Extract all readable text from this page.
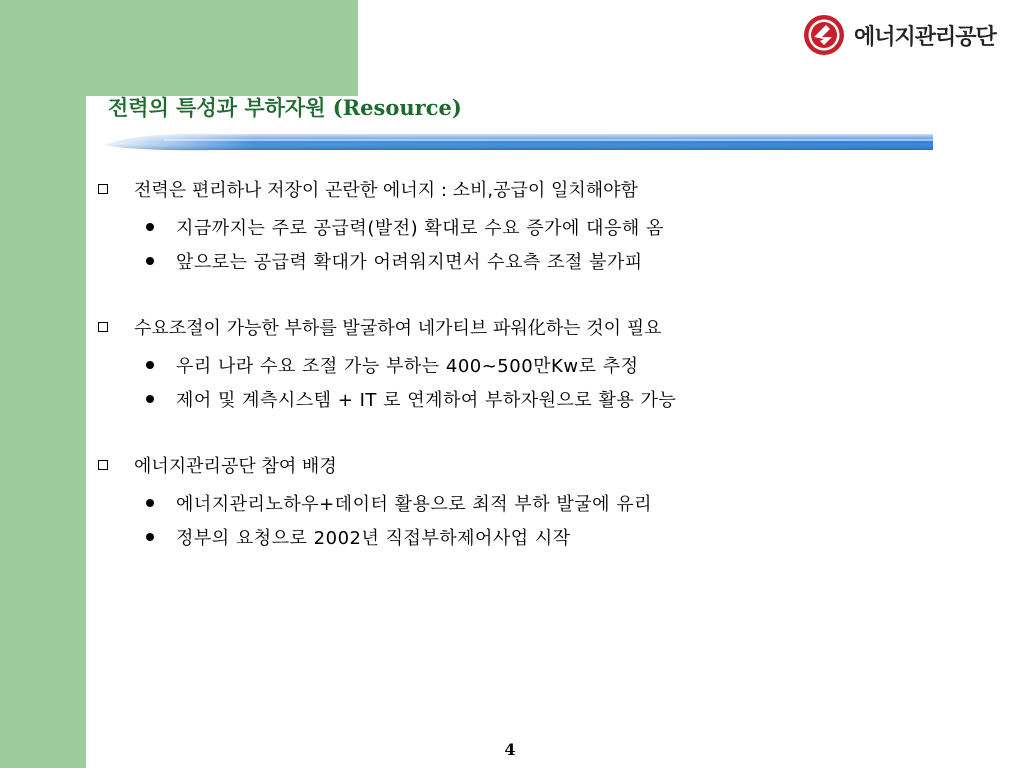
에너지관리공단
전력의 특성과 부하자원 (Resource)
전력은 편리하나 저장이 곤란한 에너지 : 소비,공급이 일치해야함
지금까지는 주로 공급력(발전) 확대로 수요 증가에 대응해 옴
앞으로는 공급력 확대가 어려워지면서 수요측 조절 불가피
수요조절이 가능한 부하를 발굴하여 네가티브 파워化하는 것이 필요
우리 나라 수요 조절 가능 부하는 400~500만Kw로 추정
제어 및 계측시스템 + IT 로 연계하여 부하자원으로 활용 가능
에너지관리공단 참여 배경
에너지관리노하우+데이터 활용으로 최적 부하 발굴에 유리
정부의 요청으로 2002년 직접부하제어사업 시작
4
